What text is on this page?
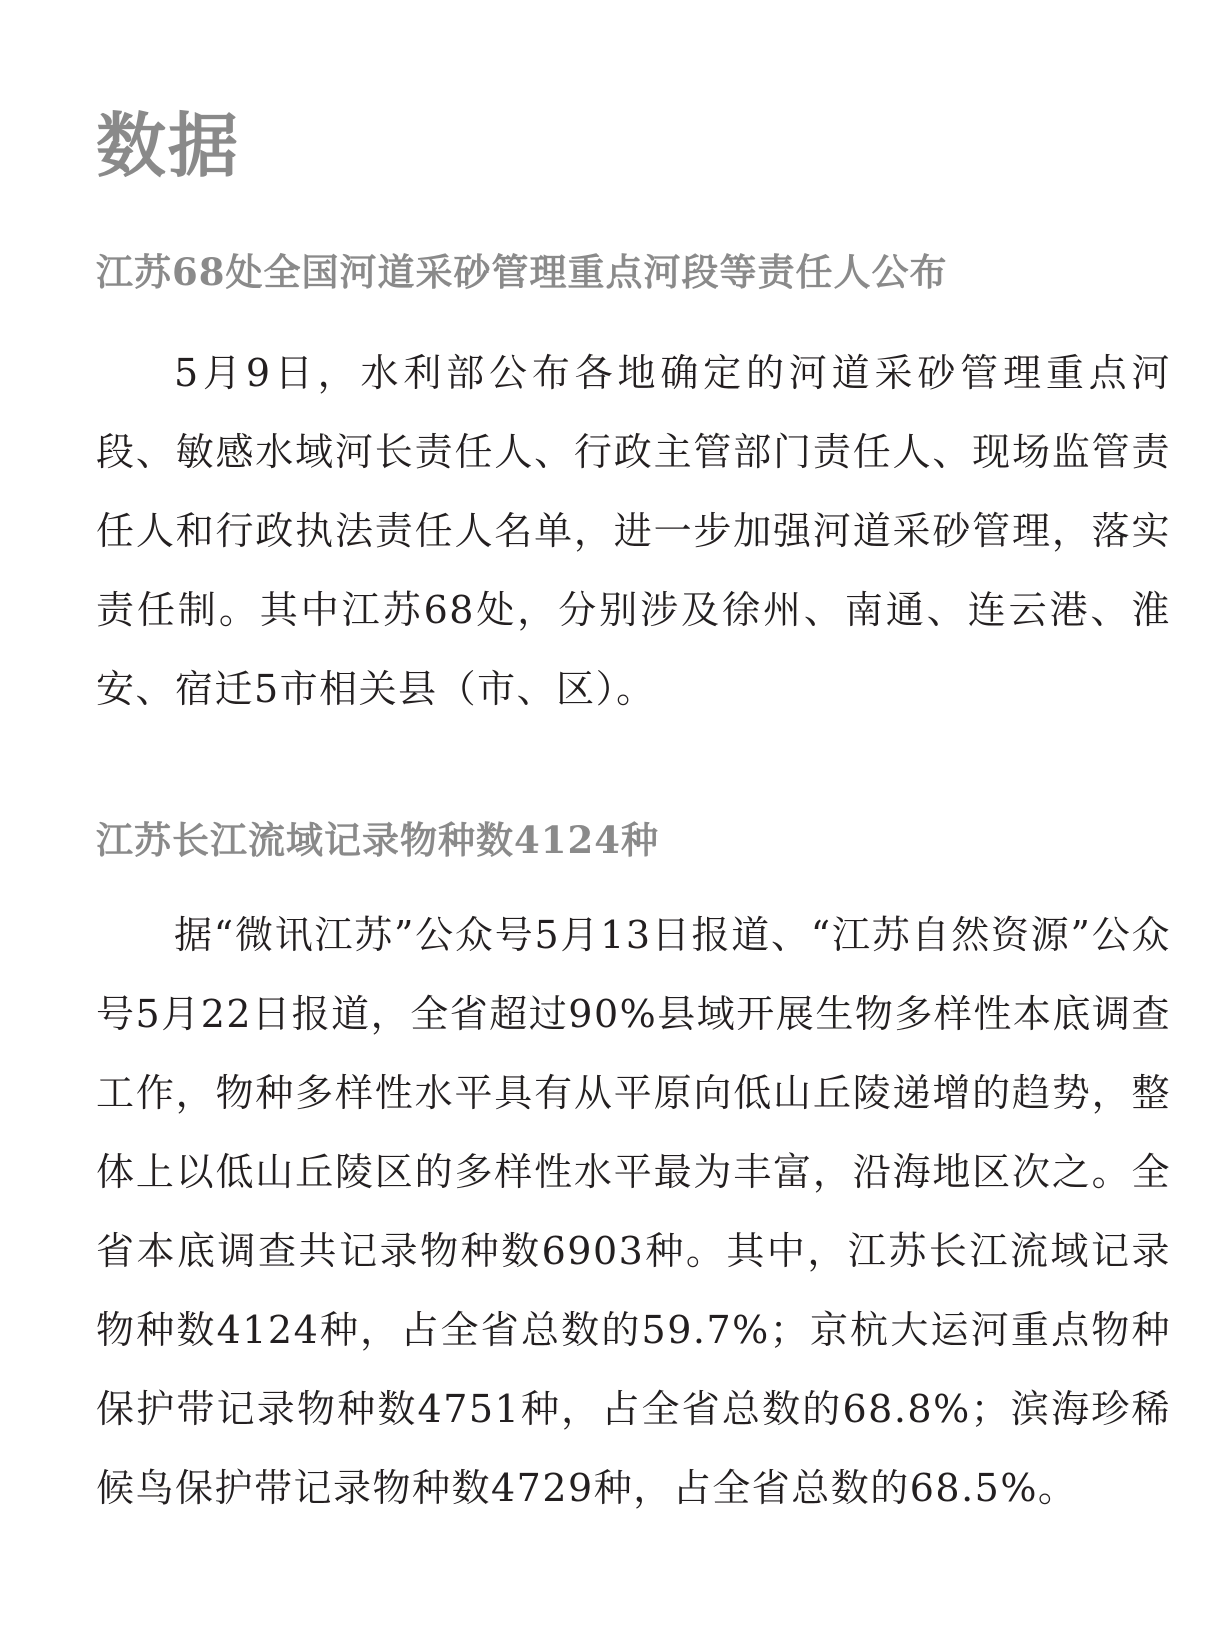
数据
江苏68处全国河道采砂管理重点河段等责任人公布

5月9日，水利部公布各地确定的河道采砂管理重点河段、敏感水域河长责任人、行政主管部门责任人、现场监管责任人和行政执法责任人名单，进一步加强河道采砂管理，落实责任制。其中江苏68处，分别涉及徐州、南通、连云港、淮安、宿迁5市相关县（市、区）。

江苏长江流域记录物种数4124种

据“微讯江苏”公众号5月13日报道、“江苏自然资源”公众号5月22日报道，全省超过90%县域开展生物多样性本底调查工作，物种多样性水平具有从平原向低山丘陵递增的趋势，整体上以低山丘陵区的多样性水平最为丰富，沿海地区次之。全省本底调查共记录物种数6903种。其中，江苏长江流域记录物种数4124种，占全省总数的59.7%；京杭大运河重点物种保护带记录物种数4751种，占全省总数的68.8%；滨海珍稀候鸟保护带记录物种数4729种，占全省总数的68.5%。
